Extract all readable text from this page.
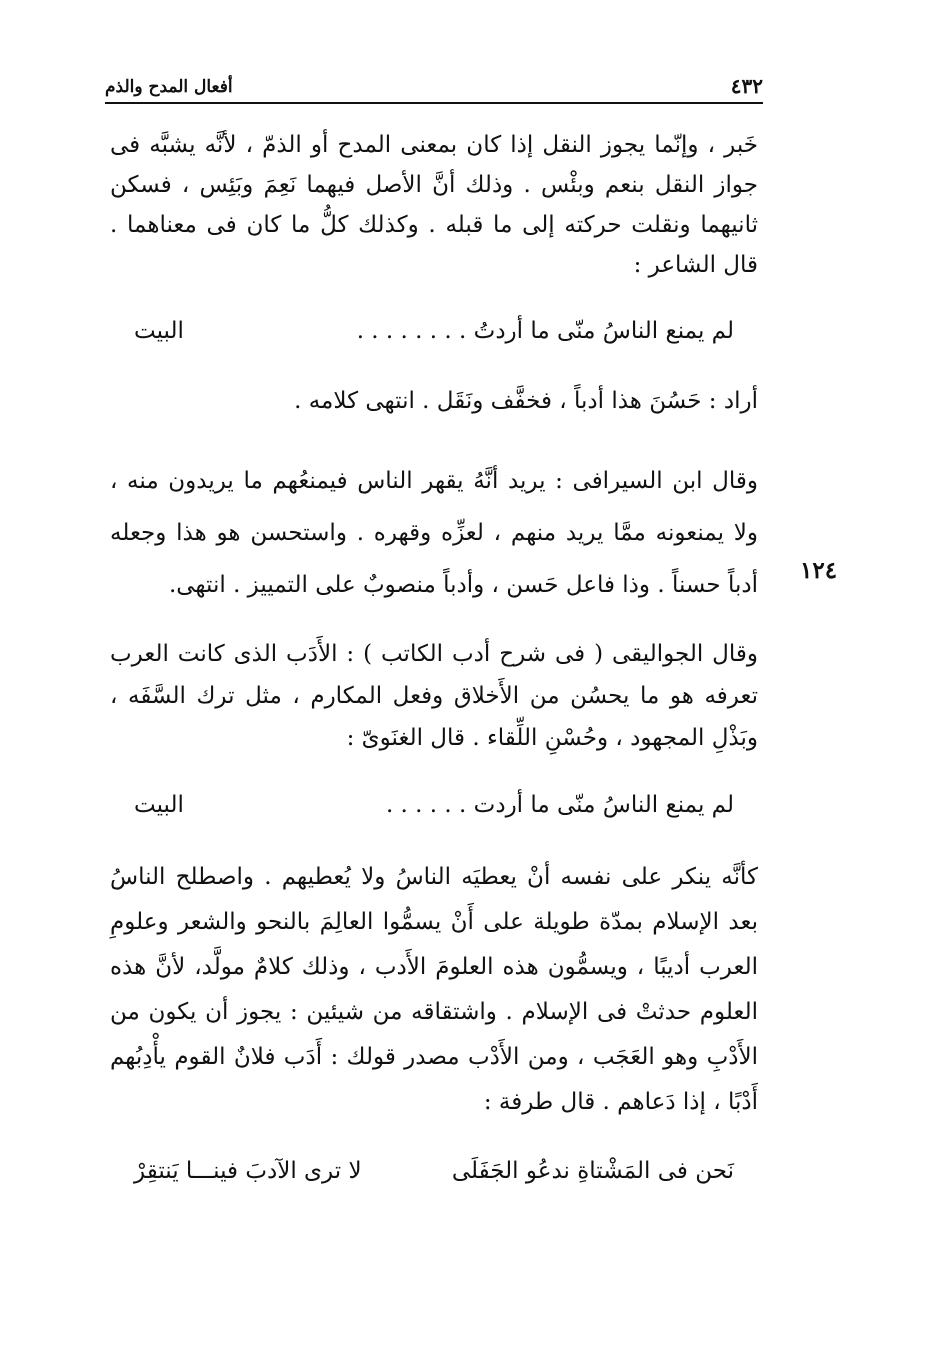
٤٣٢
أفعال المدح والذم
١٢٤

خَبر ، وإنّما يجوز النقل إذا كان بمعنى المدح أو الذمّ ، لأنَّه يشبَّه فى جواز النقل بنعم وبئْس . وذلك أنَّ الأصل فيهما نَعِمَ وبَئِس ، فسكن ثانيهما ونقلت حركته إلى ما قبله . وكذلك كلُّ ما كان فى معناهما . قال الشاعر :

لم يمنع الناسُ منّى ما أردتُ . . . . . . . .
البيت

أراد : حَسُنَ هذا أدباً ، فخفَّف ونَقَل . انتهى كلامه .

وقال ابن السيرافى : يريد أنَّهُ يقهر الناس فيمنعُهم ما يريدون منه ، ولا يمنعونه ممَّا يريد منهم ، لعزِّه وقهره . واستحسن هو هذا وجعله أدباً حسناً . وذا فاعل حَسن ، وأدباً منصوبٌ على التمييز . انتهى.

وقال الجواليقى ( فى شرح أدب الكاتب ) : الأَدَب الذى كانت العرب تعرفه هو ما يحسُن من الأَخلاق وفعل المكارم ، مثل ترك السَّفَه ، وبَذْلِ المجهود ، وحُسْنِ اللِّقاء . قال الغنَوىّ :

لم يمنع الناسُ منّى ما أردت . . . . . .
البيت

كأنَّه ينكر على نفسه أنْ يعطيَه الناسُ ولا يُعطيهم . واصطلح الناسُ بعد الإسلام بمدّة طويلة على أَنْ يسمُّوا العالِمَ بالنحو والشعر وعلومِ العرب أديبًا ، ويسمُّون هذه العلومَ الأَدب ، وذلك كلامٌ مولَّد، لأنَّ هذه العلوم حدثتْ فى الإسلام . واشتقاقه من شيئين : يجوز أن يكون من الأَدْبِ وهو العَجَب ، ومن الأَدْب مصدر قولك : أَدَب فلانٌ القوم يأْدِبُهم أَدْبًا ، إذا دَعاهم . قال طرفة :

نَحن فى المَشْتاةِ ندعُو الجَفَلَى
لا ترى الآدبَ فينـــا يَنتقِرْ
